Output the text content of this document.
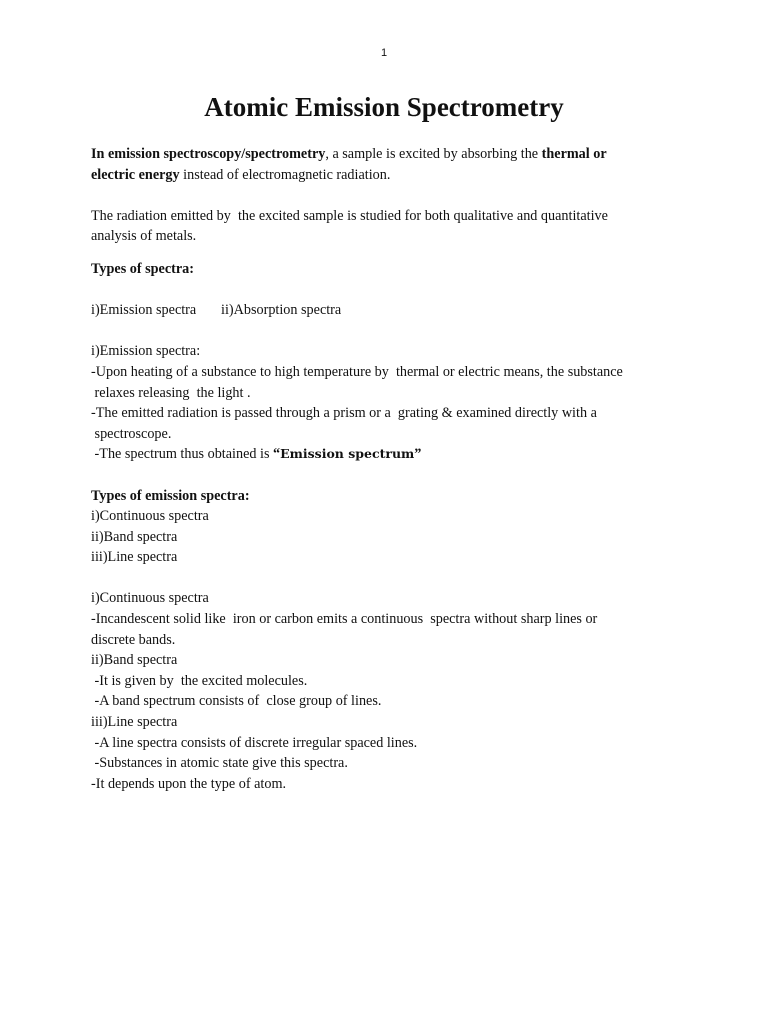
1
Atomic Emission Spectrometry
In emission spectroscopy/spectrometry, a sample is excited by absorbing the thermal or
electric energy instead of electromagnetic radiation.
The radiation emitted by  the excited sample is studied for both qualitative and quantitative
analysis of metals.
Types of spectra:
i)Emission spectra       ii)Absorption spectra
i)Emission spectra:
-Upon heating of a substance to high temperature by  thermal or electric means, the substance
relaxes releasing  the light .
-The emitted radiation is passed through a prism or a  grating & examined directly with a
spectroscope.
-The spectrum thus obtained is “Emission spectrum”
Types of emission spectra:
i)Continuous spectra
ii)Band spectra
iii)Line spectra
i)Continuous spectra
-Incandescent solid like  iron or carbon emits a continuous  spectra without sharp lines or
discrete bands.
ii)Band spectra
-It is given by  the excited molecules.
-A band spectrum consists of  close group of lines.
iii)Line spectra
-A line spectra consists of discrete irregular spaced lines.
-Substances in atomic state give this spectra.
-It depends upon the type of atom.
